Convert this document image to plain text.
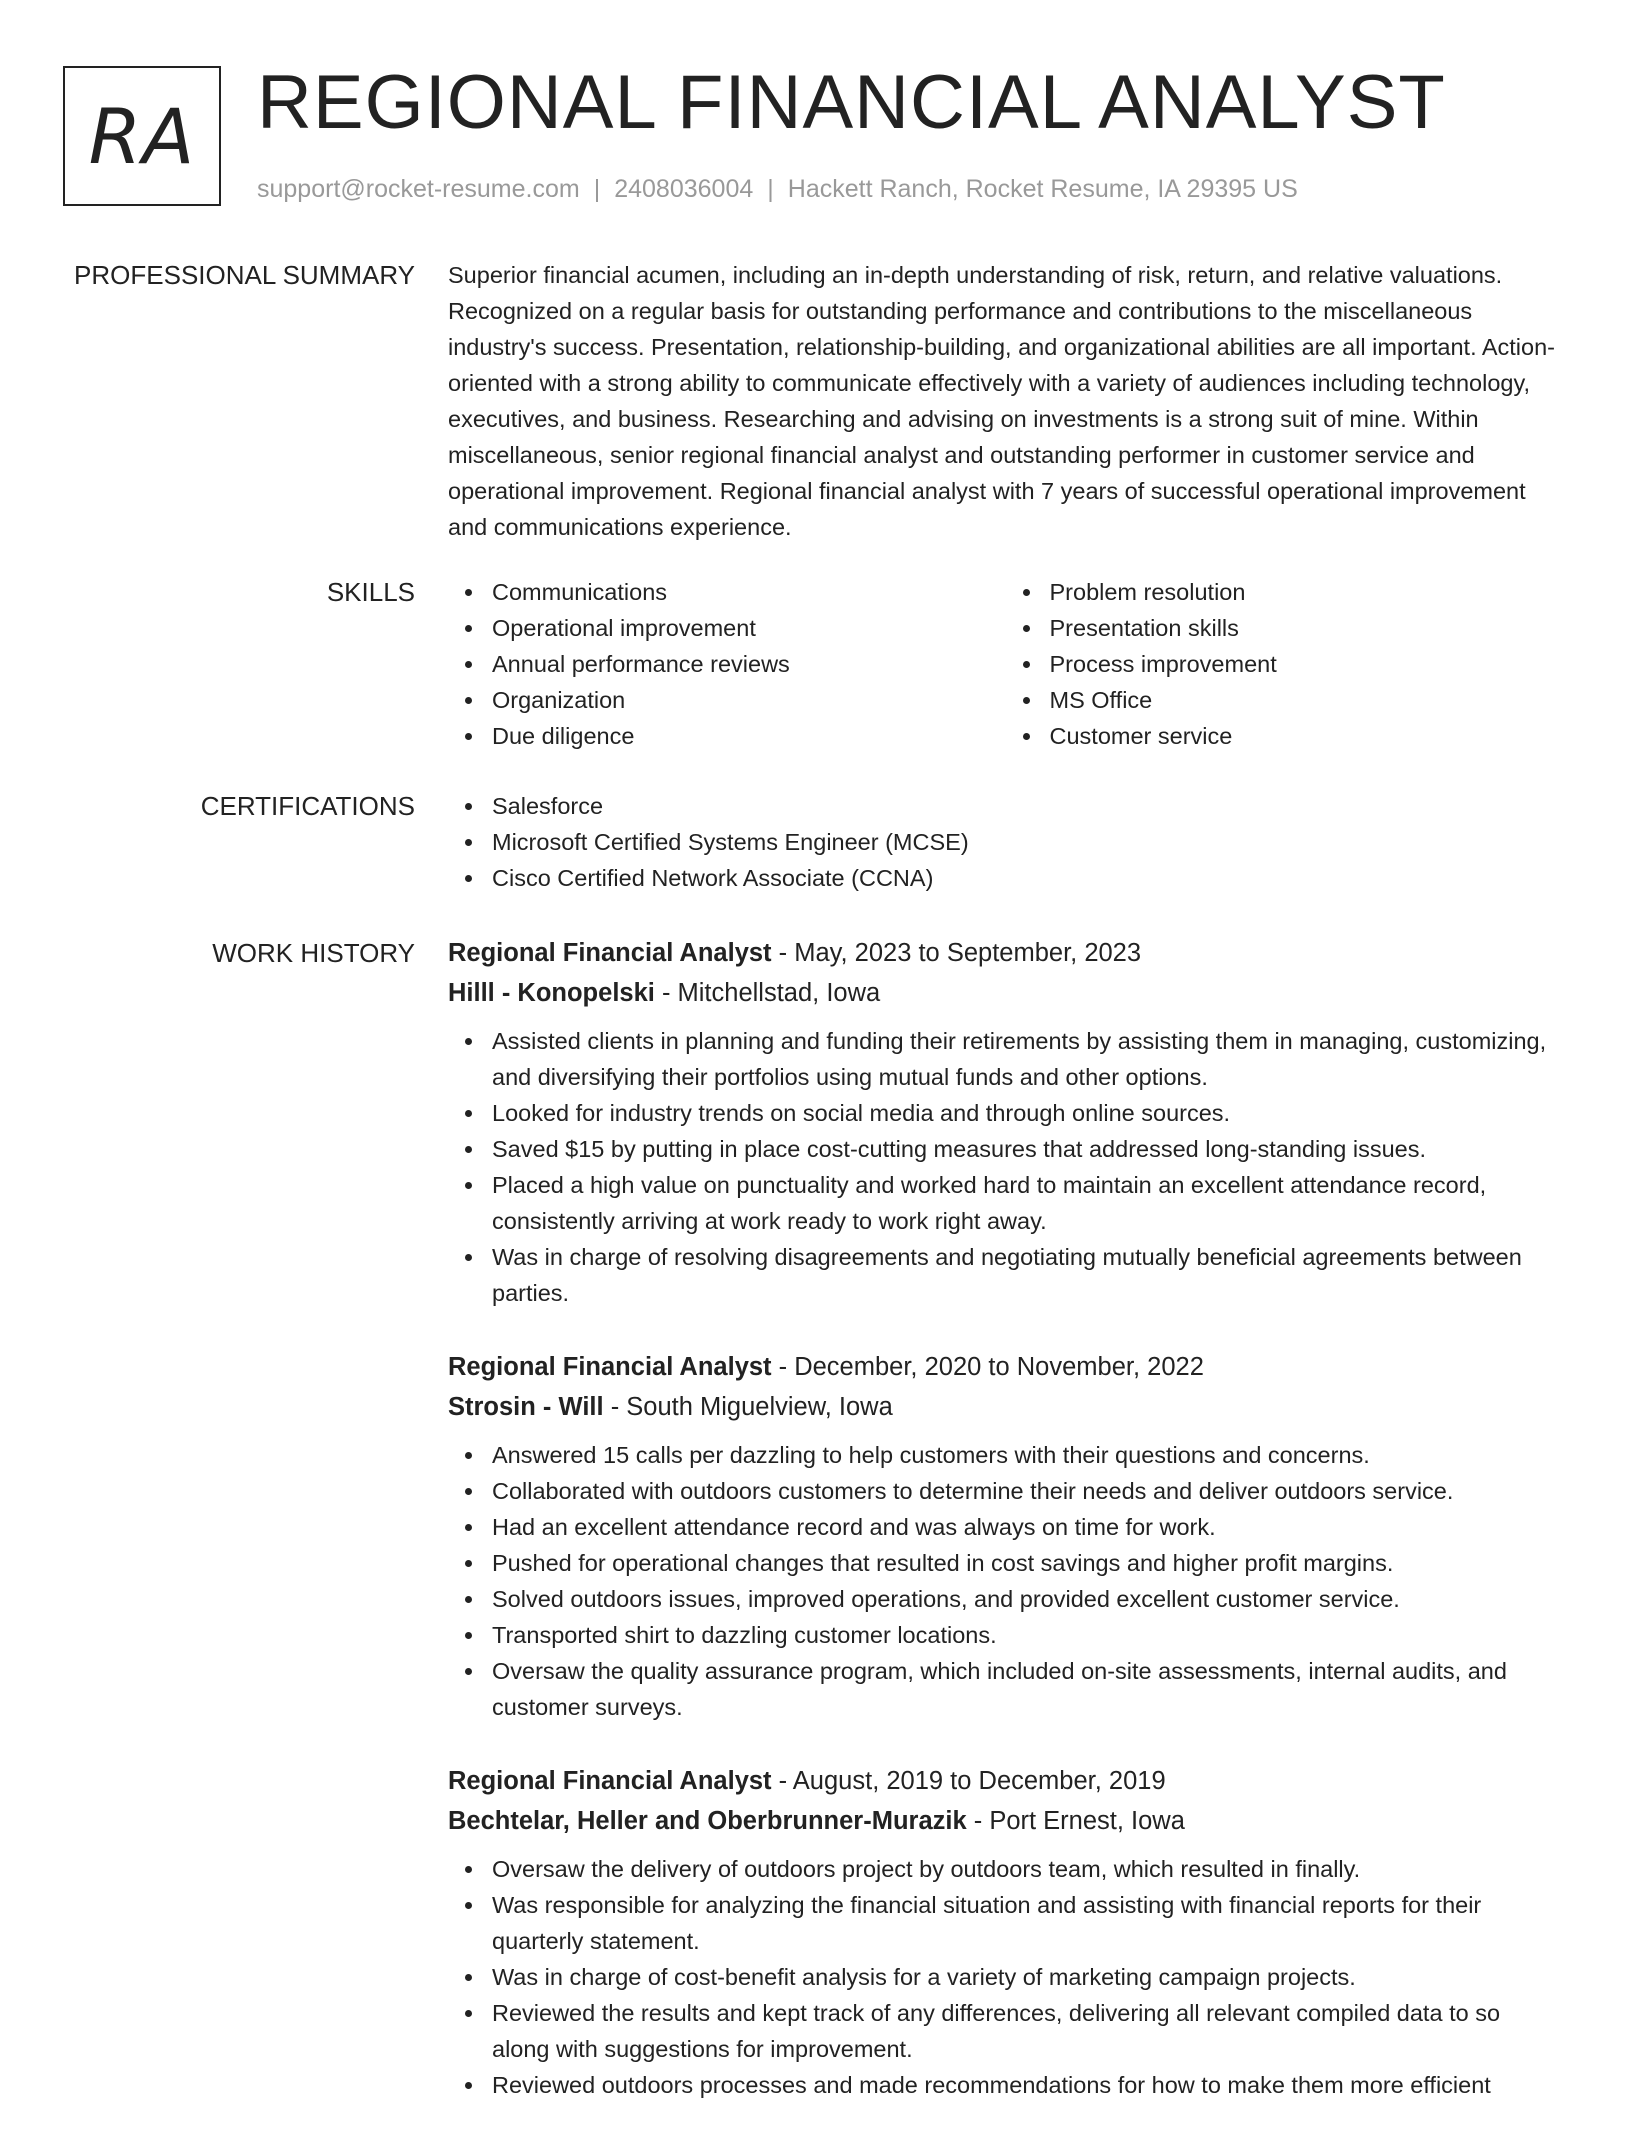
RA REGIONAL FINANCIAL ANALYST
support@rocket-resume.com | 2408036004 | Hackett Ranch, Rocket Resume, IA 29395 US
PROFESSIONAL SUMMARY Superior financial acumen, including an in-depth understanding of risk, return, and relative valuations. Recognized on a regular basis for outstanding performance and contributions to the miscellaneous industry's success. Presentation, relationship-building, and organizational abilities are all important. Action-oriented with a strong ability to communicate effectively with a variety of audiences including technology, executives, and business. Researching and advising on investments is a strong suit of mine. Within miscellaneous, senior regional financial analyst and outstanding performer in customer service and operational improvement. Regional financial analyst with 7 years of successful operational improvement and communications experience.
SKILLS	Communications
Operational improvement
Annual performance reviews
Organization
Due diligence
Problem resolution
Presentation skills
Process improvement
MS Office
Customer service
CERTIFICATIONS	Salesforce
Microsoft Certified Systems Engineer (MCSE)
Cisco Certified Network Associate (CCNA)
WORK HISTORY Regional Financial Analyst - May, 2023 to September, 2023
Hilll - Konopelski - Mitchellstad, Iowa
Assisted clients in planning and funding their retirements by assisting them in managing, customizing, and diversifying their portfolios using mutual funds and other options.
Looked for industry trends on social media and through online sources.
Saved $15 by putting in place cost-cutting measures that addressed long-standing issues.
Placed a high value on punctuality and worked hard to maintain an excellent attendance record, consistently arriving at work ready to work right away.
Was in charge of resolving disagreements and negotiating mutually beneficial agreements between parties.
Regional Financial Analyst - December, 2020 to November, 2022
Strosin - Will - South Miguelview, Iowa
Answered 15 calls per dazzling to help customers with their questions and concerns.
Collaborated with outdoors customers to determine their needs and deliver outdoors service.
Had an excellent attendance record and was always on time for work.
Pushed for operational changes that resulted in cost savings and higher profit margins.
Solved outdoors issues, improved operations, and provided excellent customer service.
Transported shirt to dazzling customer locations.
Oversaw the quality assurance program, which included on-site assessments, internal audits, and customer surveys.
Regional Financial Analyst - August, 2019 to December, 2019
Bechtelar, Heller and Oberbrunner-Murazik - Port Ernest, Iowa
Oversaw the delivery of outdoors project by outdoors team, which resulted in finally.
Was responsible for analyzing the financial situation and assisting with financial reports for their quarterly statement.
Was in charge of cost-benefit analysis for a variety of marketing campaign projects.
Reviewed the results and kept track of any differences, delivering all relevant compiled data to so along with suggestions for improvement.
Reviewed outdoors processes and made recommendations for how to make them more efficient
